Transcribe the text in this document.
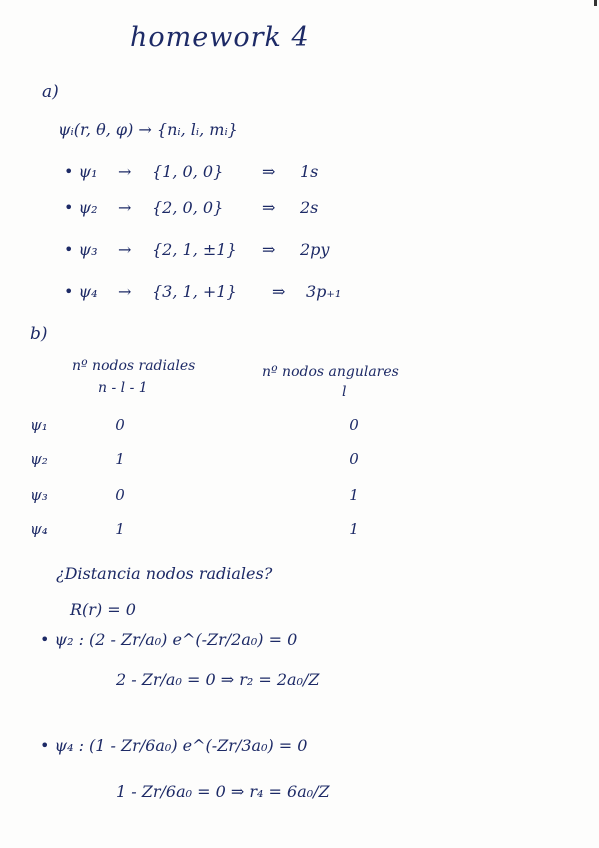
homework 4
a)
ψᵢ(r, θ, φ) → {nᵢ, lᵢ, mᵢ}
• ψ₁ → {1, 0, 0} ⇒ 1s
• ψ₂ → {2, 0, 0} ⇒ 2s
• ψ₃ → {2, 1, ±1} ⇒ 2py
• ψ₄ → {3, 1, +1} ⇒ 3p₊₁
b)
nº nodos radiales
n - l - 1
nº nodos angulares
l
ψ₁	0	0
ψ₂	1	0
ψ₃	0	1
ψ₄	1	1
¿Distancia nodos radiales?
R(r) = 0
• ψ₂ : (2 - Zr/a₀) e^(-Zr/2a₀) = 0
2 - Zr/a₀ = 0 ⇒ r₂ = 2a₀/Z
• ψ₄ : (1 - Zr/6a₀) e^(-Zr/3a₀) = 0
1 - Zr/6a₀ = 0 ⇒ r₄ = 6a₀/Z
